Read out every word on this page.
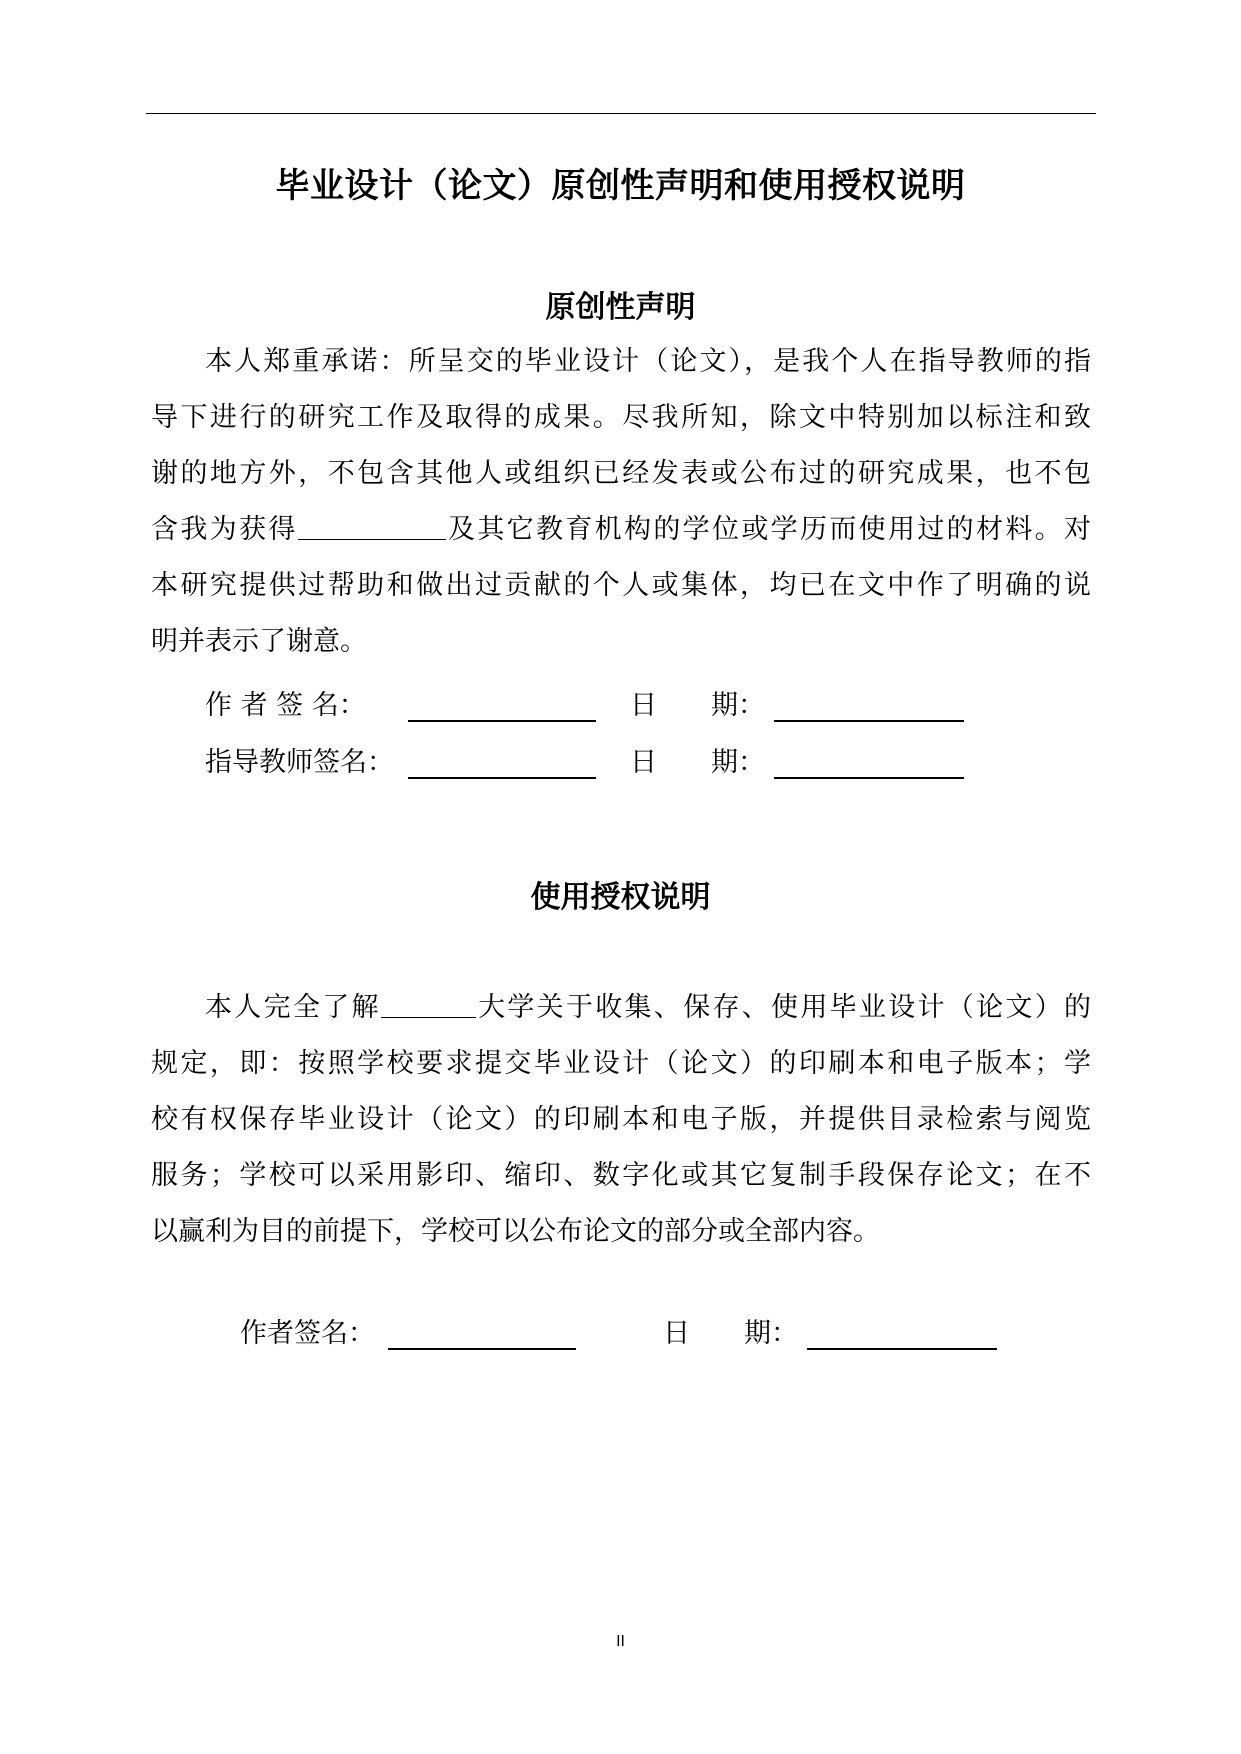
毕业设计（论文）原创性声明和使用授权说明
原创性声明
本人郑重承诺：所呈交的毕业设计（论文），是我个人在指导教师的指
导下进行的研究工作及取得的成果。尽我所知，除文中特别加以标注和致
谢的地方外，不包含其他人或组织已经发表或公布过的研究成果，也不包
含我为获得	及其它教育机构的学位或学历而使用过的材料。对
本研究提供过帮助和做出过贡献的个人或集体，均已在文中作了明确的说
明并表示了谢意。
作 者 签 名：	日　　期：
指导教师签名：	日　　期：
使用授权说明
本人完全了解	大学关于收集、保存、使用毕业设计（论文）的
规定，即：按照学校要求提交毕业设计（论文）的印刷本和电子版本；学
校有权保存毕业设计（论文）的印刷本和电子版，并提供目录检索与阅览
服务；学校可以采用影印、缩印、数字化或其它复制手段保存论文；在不
以赢利为目的前提下，学校可以公布论文的部分或全部内容。
作者签名：	日　　期：
II
